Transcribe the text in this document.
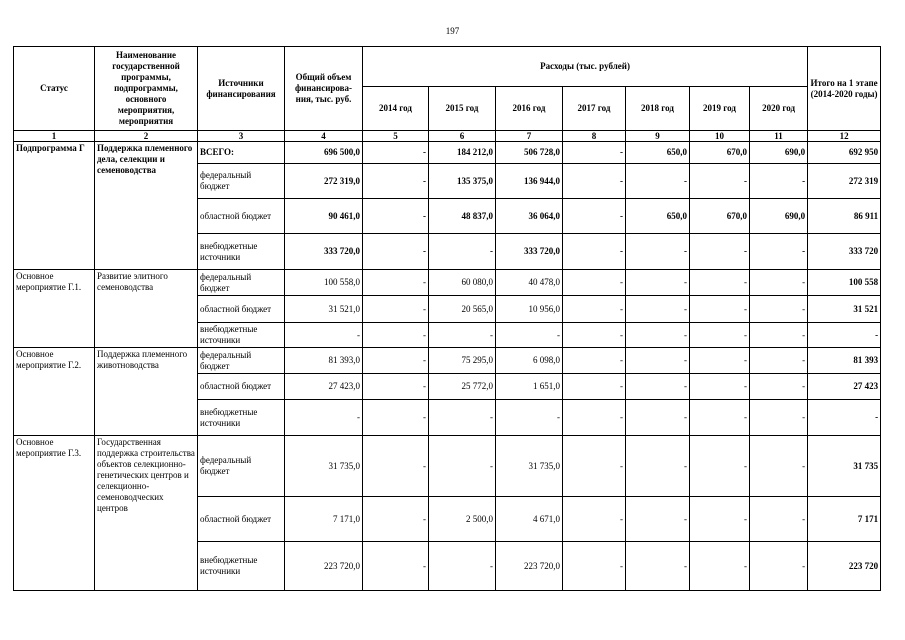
197
Статус	Наименование государственной программы, подпрограммы, основного мероприятия, мероприятия	Источники финансирования	Общий объем финансирова-ния, тыс. руб.	Расходы (тыс. рублей)							Итого на 1 этапе (2014-2020 годы)
				2014 год	2015 год	2016 год	2017 год	2018 год	2019 год	2020 год	
1	2	3	4	5	6	7	8	9	10	11	12
Подпрограмма Г	Поддержка племенного дела, селекции и семеноводства	ВСЕГО:	696 500,0	-	184 212,0	506 728,0	-	650,0	670,0	690,0	692 950
		федеральный бюджет	272 319,0	-	135 375,0	136 944,0	-	-	-	-	272 319
		областной бюджет	90 461,0	-	48 837,0	36 064,0	-	650,0	670,0	690,0	86 911
		внебюджетные источники	333 720,0	-	-	333 720,0	-	-	-	-	333 720
Основное мероприятие Г.1.	Развитие элитного семеноводства	федеральный бюджет	100 558,0	-	60 080,0	40 478,0	-	-	-	-	100 558
		областной бюджет	31 521,0	-	20 565,0	10 956,0	-	-	-	-	31 521
		внебюджетные источники	-	-	-	-	-	-	-	-	-
Основное мероприятие Г.2.	Поддержка племенного животноводства	федеральный бюджет	81 393,0	-	75 295,0	6 098,0	-	-	-	-	81 393
		областной бюджет	27 423,0	-	25 772,0	1 651,0	-	-	-	-	27 423
		внебюджетные источники	-	-	-	-	-	-	-	-	-
Основное мероприятие Г.3.	Государственная поддержка строительства объектов селекционно-генетических центров и селекционно-семеноводческих центров	федеральный бюджет	31 735,0	-	-	31 735,0	-	-	-	-	31 735
		областной бюджет	7 171,0	-	2 500,0	4 671,0	-	-	-	-	7 171
		внебюджетные источники	223 720,0	-	-	223 720,0	-	-	-	-	223 720
